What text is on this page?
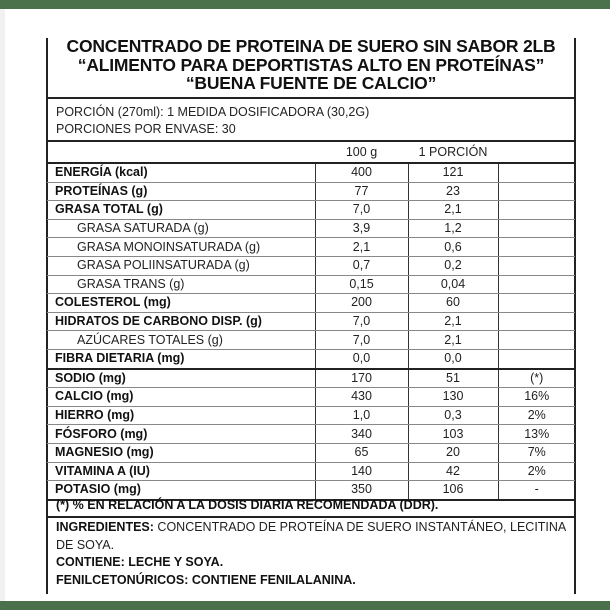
CONCENTRADO DE PROTEINA DE SUERO SIN SABOR 2LB
“ALIMENTO PARA DEPORTISTAS ALTO EN PROTEÍNAS”
“BUENA FUENTE DE CALCIO”
PORCIÓN (270ml): 1 MEDIDA DOSIFICADORA (30,2G)
PORCIONES POR ENVASE: 30
100 g	1 PORCIÓN
ENERGÍA (kcal)	400	121	
PROTEÍNAS (g)	77	23	
GRASA TOTAL (g)	7,0	2,1	
GRASA SATURADA (g)	3,9	1,2	
GRASA MONOINSATURADA (g)	2,1	0,6	
GRASA POLIINSATURADA (g)	0,7	0,2	
GRASA TRANS (g)	0,15	0,04	
COLESTEROL (mg)	200	60	
HIDRATOS DE CARBONO DISP. (g)	7,0	2,1	
AZÚCARES TOTALES (g)	7,0	2,1	
FIBRA DIETARIA (mg)	0,0	0,0	
SODIO (mg)	170	51	(*)
CALCIO (mg)	430	130	16%
HIERRO (mg)	1,0	0,3	2%
FÓSFORO (mg)	340	103	13%
MAGNESIO (mg)	65	20	7%
VITAMINA A (IU)	140	42	2%
POTASIO (mg)	350	106	-
(*) % EN RELACIÓN A LA DOSIS DIARIA RECOMENDADA (DDR).
INGREDIENTES: CONCENTRADO DE PROTEÍNA DE SUERO INSTANTÁNEO, LECITINA DE SOYA.
CONTIENE: LECHE Y SOYA.
FENILCETONÚRICOS: CONTIENE FENILALANINA.
